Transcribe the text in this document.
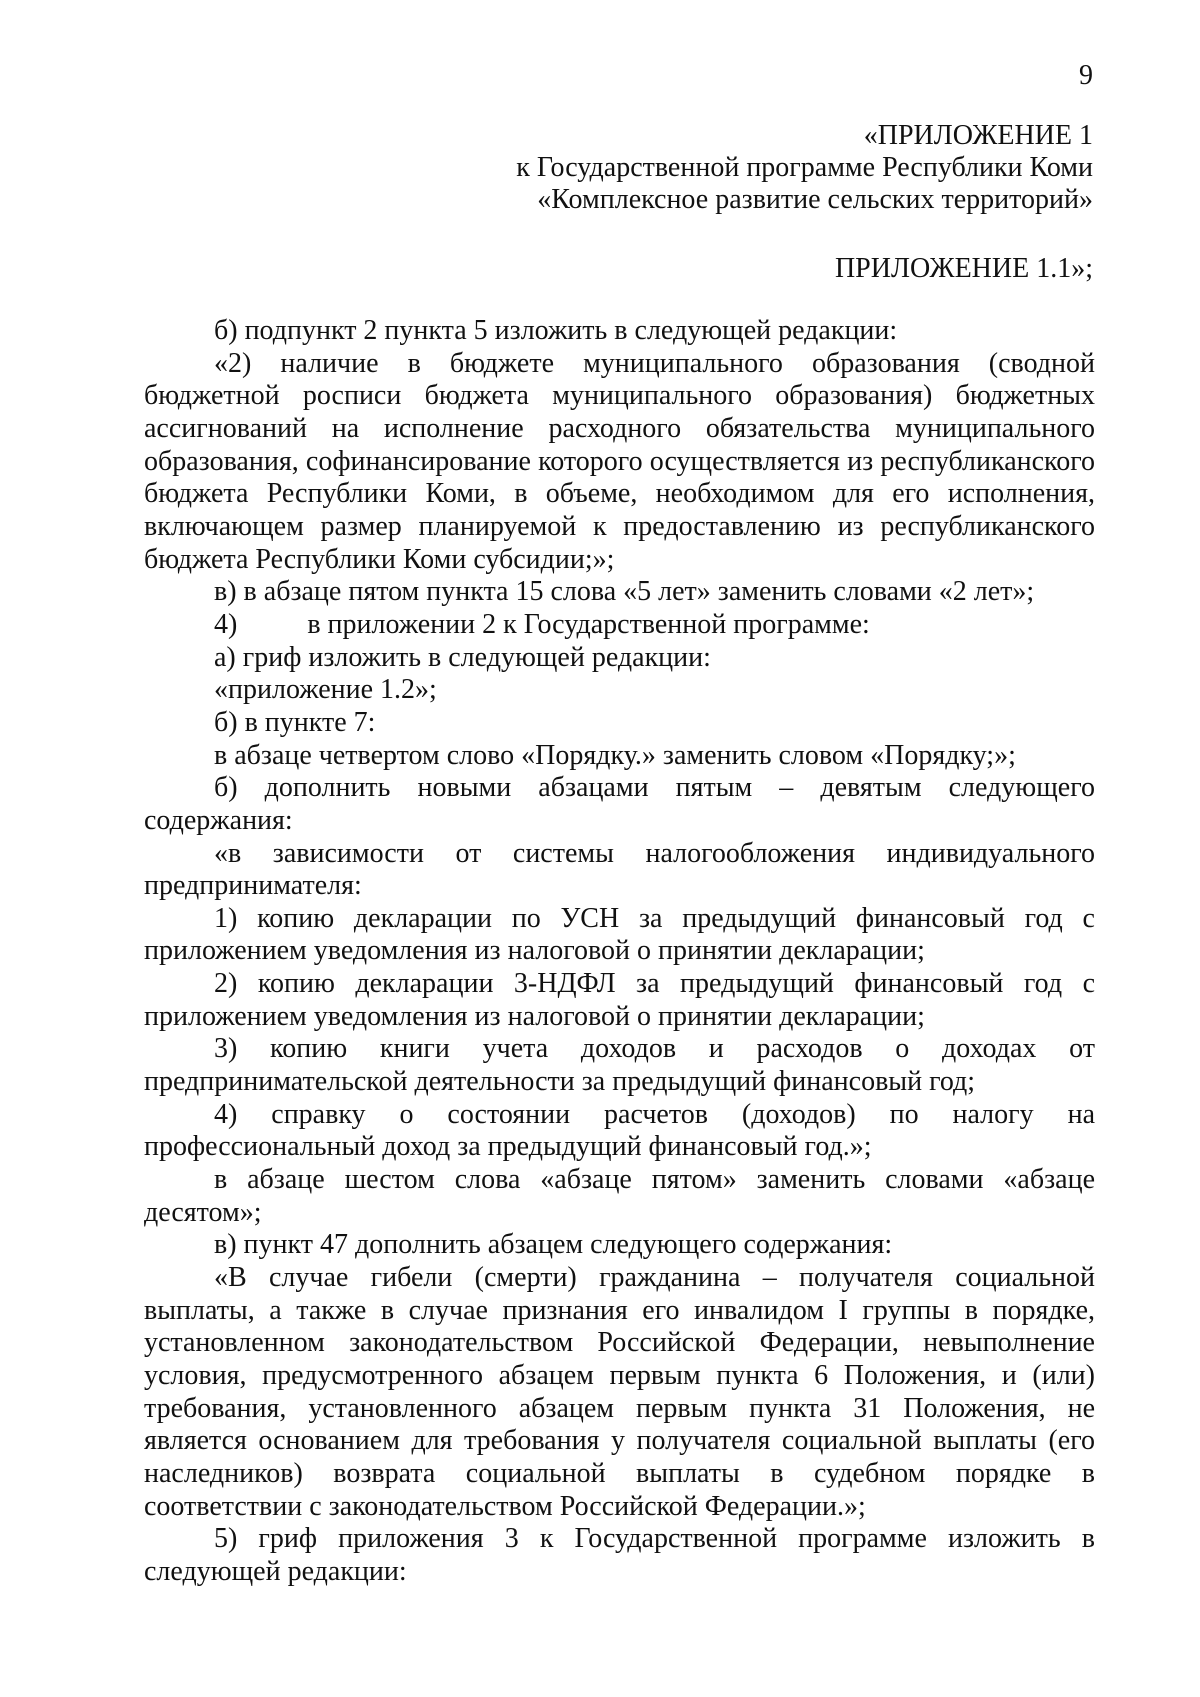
9
«ПРИЛОЖЕНИЕ 1
к Государственной программе Республики Коми
«Комплексное развитие сельских территорий»
ПРИЛОЖЕНИЕ 1.1»;

б) подпункт 2 пункта 5 изложить в следующей редакции:

«2) наличие в бюджете муниципального образования (сводной бюджетной росписи бюджета муниципального образования) бюджетных ассигнований на исполнение расходного обязательства муниципального образования, софинансирование которого осуществляется из республиканского бюджета Республики Коми, в объеме, необходимом для его исполнения, включающем размер планируемой к предоставлению из республиканского бюджета Республики Коми субсидии;»;

в) в абзаце пятом пункта 15 слова «5 лет» заменить словами «2 лет»;

4)	в приложении 2 к Государственной программе:

а) гриф изложить в следующей редакции:

«приложение 1.2»;

б) в пункте 7:

в абзаце четвертом слово «Порядку.» заменить словом «Порядку;»;

б) дополнить новыми абзацами пятым – девятым следующего содержания:

«в зависимости от системы налогообложения индивидуального предпринимателя:

1) копию декларации по УСН за предыдущий финансовый год с приложением уведомления из налоговой о принятии декларации;

2) копию декларации 3-НДФЛ за предыдущий финансовый год с приложением уведомления из налоговой о принятии декларации;

3) копию книги учета доходов и расходов о доходах от предпринимательской деятельности за предыдущий финансовый год;

4) справку о состоянии расчетов (доходов) по налогу на профессиональный доход за предыдущий финансовый год.»;

в абзаце шестом слова «абзаце пятом» заменить словами «абзаце десятом»;

в) пункт 47 дополнить абзацем следующего содержания:

«В случае гибели (смерти) гражданина – получателя социальной выплаты, а также в случае признания его инвалидом I группы в порядке, установленном законодательством Российской Федерации, невыполнение условия, предусмотренного абзацем первым пункта 6 Положения, и (или) требования, установленного абзацем первым пункта 31 Положения, не является основанием для требования у получателя социальной выплаты (его наследников) возврата социальной выплаты в судебном порядке в соответствии с законодательством Российской Федерации.»;

5) гриф приложения 3 к Государственной программе изложить в следующей редакции:
